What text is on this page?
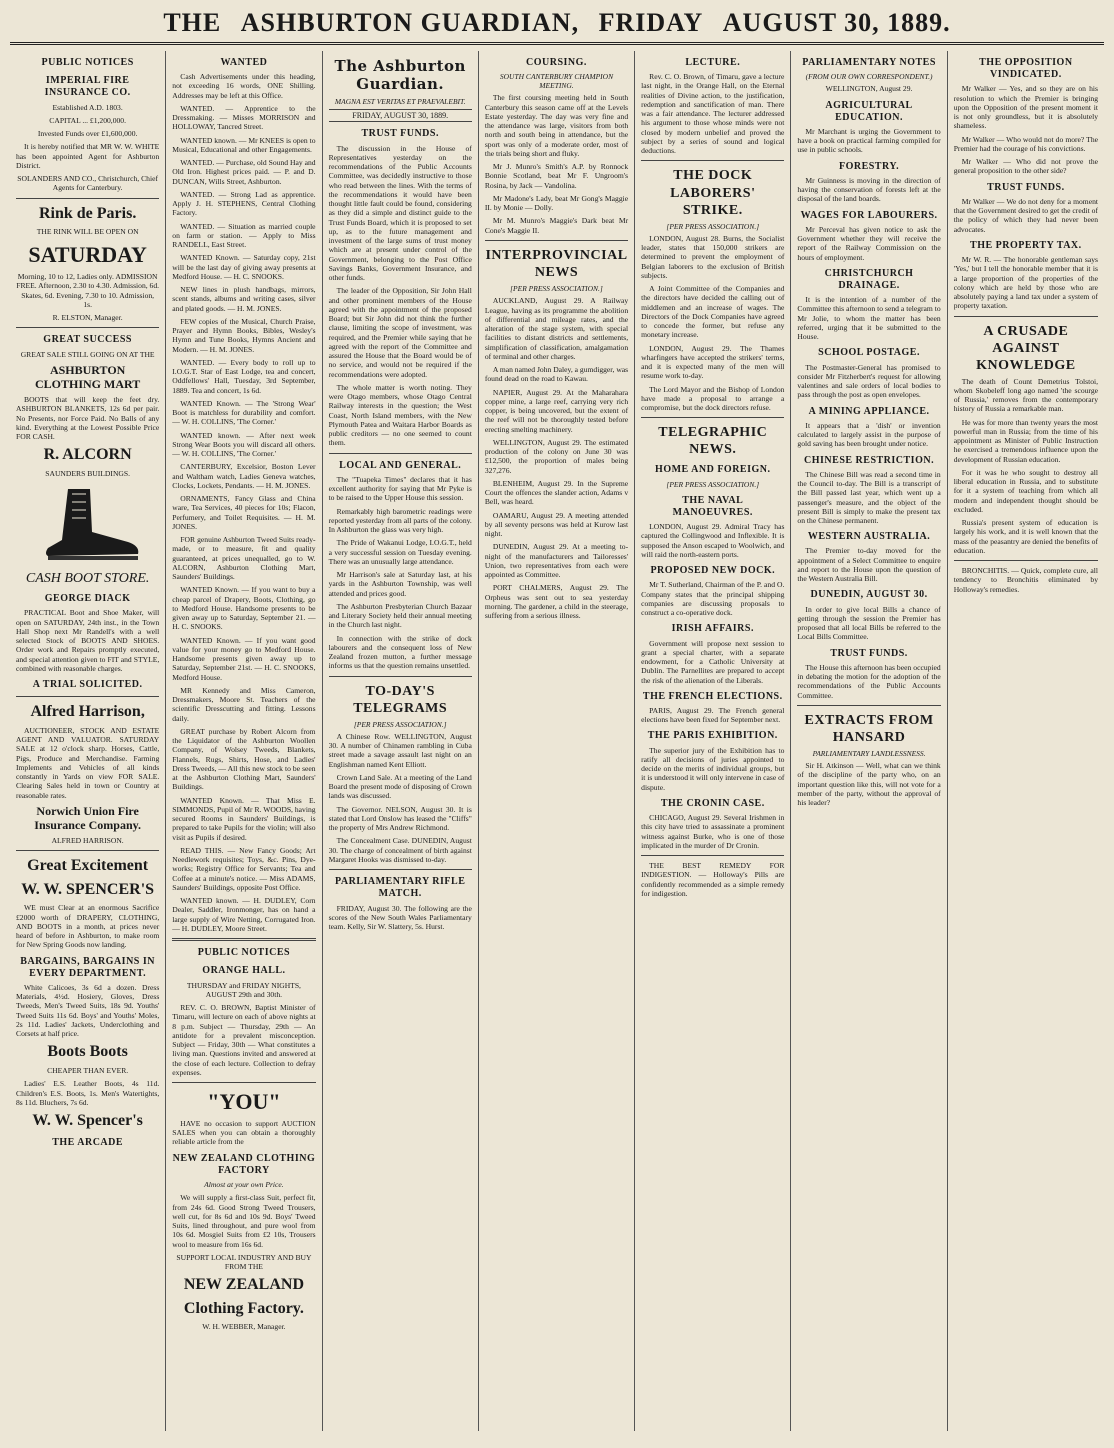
THE ASHBURTON GUARDIAN, FRIDAY AUGUST 30, 1889.
PUBLIC NOTICES
IMPERIAL FIRE INSURANCE CO.

Established A.D. 1803.

CAPITAL ... £1,200,000.

Invested Funds over £1,600,000.

It is hereby notified that MR W. W. WHITE has been appointed Agent for Ashburton District.

SOLANDERS AND CO., Christchurch, Chief Agents for Canterbury.

Rink de Paris.

THE RINK WILL BE OPEN ON

SATURDAY

Morning, 10 to 12, Ladies only. ADMISSION FREE. Afternoon, 2.30 to 4.30. Admission, 6d. Skates, 6d. Evening, 7.30 to 10. Admission, 1s.

R. ELSTON, Manager.

GREAT SUCCESS

GREAT SALE STILL GOING ON AT THE

ASHBURTON CLOTHING MART

BOOTS that will keep the feet dry. ASHBURTON BLANKETS, 12s 6d per pair. No Presents, nor Force Paid. No Balls of any kind. Everything at the Lowest Possible Price FOR CASH.

R. ALCORN

SAUNDERS BUILDINGS.

CASH BOOT STORE.
GEORGE DIACK

PRACTICAL Boot and Shoe Maker, will open on SATURDAY, 24th inst., in the Town Hall Shop next Mr Randell's with a well selected Stock of BOOTS AND SHOES. Order work and Repairs promptly executed, and special attention given to FIT and STYLE, combined with reasonable charges.

A TRIAL SOLICITED.
Alfred Harrison,

AUCTIONEER, STOCK AND ESTATE AGENT AND VALUATOR. SATURDAY SALE at 12 o'clock sharp. Horses, Cattle, Pigs, Produce and Merchandise. Farming Implements and Vehicles of all kinds constantly in Yards on view FOR SALE. Clearing Sales held in town or Country at reasonable rates.

Norwich Union Fire Insurance Company.

ALFRED HARRISON.

Great Excitement
W. W. SPENCER'S

WE must Clear at an enormous Sacrifice £2000 worth of DRAPERY, CLOTHING, AND BOOTS in a month, at prices never heard of before in Ashburton, to make room for New Spring Goods now landing.

BARGAINS, BARGAINS IN EVERY DEPARTMENT.

White Calicoes, 3s 6d a dozen. Dress Materials, 4½d. Hosiery, Gloves, Dress Tweeds, Men's Tweed Suits, 18s 9d. Youths' Tweed Suits 11s 6d. Boys' and Youths' Moles, 2s 11d. Ladies' Jackets, Underclothing and Corsets at half price.

Boots Boots

CHEAPER THAN EVER.

Ladies' E.S. Leather Boots, 4s 11d. Children's E.S. Boots, 1s. Men's Watertights, 8s 11d. Bluchers, 7s 6d.

W. W. Spencer's
THE ARCADE
WANTED

Cash Advertisements under this heading, not exceeding 16 words, ONE Shilling. Addresses may be left at this Office.

WANTED. — Apprentice to the Dressmaking. — Misses MORRISON and HOLLOWAY, Tancred Street.

WANTED known. — Mr KNEES is open to Musical, Educational and other Engagements.

WANTED. — Purchase, old Sound Hay and Old Iron. Highest prices paid. — P. and D. DUNCAN, Wills Street, Ashburton.

WANTED. — Strong Lad as apprentice. Apply J. H. STEPHENS, Central Clothing Factory.

WANTED. — Situation as married couple on farm or station. — Apply to Miss RANDELL, East Street.

WANTED Known. — Saturday copy, 21st will be the last day of giving away presents at Medford House. — H. C. SNOOKS.

NEW lines in plush handbags, mirrors, scent stands, albums and writing cases, silver and plated goods. — H. M. JONES.

FEW copies of the Musical, Church Praise, Prayer and Hymn Books, Bibles, Wesley's Hymn and Tune Books, Hymns Ancient and Modern. — H. M. JONES.

WANTED. — Every body to roll up to I.O.G.T. Star of East Lodge, tea and concert, Oddfellows' Hall, Tuesday, 3rd September, 1889. Tea and concert, 1s 6d.

WANTED Known. — The 'Strong Wear' Boot is matchless for durability and comfort. — W. H. COLLINS, 'The Corner.'

WANTED known. — After next week Strong Wear Boots you will discard all others. — W. H. COLLINS, 'The Corner.'

CANTERBURY, Excelsior, Boston Lever and Waltham watch, Ladies Geneva watches, Clocks, Lockets, Pendants. — H. M. JONES.

ORNAMENTS, Fancy Glass and China ware, Tea Services, 40 pieces for 10s; Flacon, Perfumery, and Toilet Requisites. — H. M. JONES.

FOR genuine Ashburton Tweed Suits ready-made, or to measure, fit and quality guaranteed, at prices unequalled, go to W. ALCORN, Ashburton Clothing Mart, Saunders' Buildings.

WANTED Known. — If you want to buy a cheap parcel of Drapery, Boots, Clothing, go to Medford House. Handsome presents to be given away up to Saturday, September 21. — H. C. SNOOKS.

WANTED Known. — If you want good value for your money go to Medford House. Handsome presents given away up to Saturday, September 21st. — H. C. SNOOKS, Medford House.

MR Kennedy and Miss Cameron, Dressmakers, Moore St. Teachers of the scientific Dresscutting and fitting. Lessons daily.

GREAT purchase by Robert Alcorn from the Liquidator of the Ashburton Woollen Company, of Wolsey Tweeds, Blankets, Flannels, Rugs, Shirts, Hose, and Ladies' Dress Tweeds, — All this new stock to be seen at the Ashburton Clothing Mart, Saunders' Buildings.

WANTED Known. — That Miss E. SIMMONDS, Pupil of Mr R. WOODS, having secured Rooms in Saunders' Buildings, is prepared to take Pupils for the violin; will also visit as Pupils if desired.

READ THIS. — New Fancy Goods; Art Needlework requisites; Toys, &c. Pins, Dye-works; Registry Office for Servants; Tea and Coffee at a minute's notice. — Miss ADAMS, Saunders' Buildings, opposite Post Office.

WANTED known. — H. DUDLEY, Corn Dealer, Saddler, Ironmonger, has on hand a large supply of Wire Netting, Corrugated Iron. — H. DUDLEY, Moore Street.

PUBLIC NOTICES
ORANGE HALL.

THURSDAY and FRIDAY NIGHTS, AUGUST 29th and 30th.

REV. C. O. BROWN, Baptist Minister of Timaru, will lecture on each of above nights at 8 p.m. Subject — Thursday, 29th — An antidote for a prevalent misconception. Subject — Friday, 30th — What constitutes a living man. Questions invited and answered at the close of each lecture. Collection to defray expenses.

"YOU"

HAVE no occasion to support AUCTION SALES when you can obtain a thoroughly reliable article from the

NEW ZEALAND CLOTHING FACTORY

Almost at your own Price.

We will supply a first-class Suit, perfect fit, from 24s 6d. Good Strong Tweed Trousers, well cut, for 8s 6d and 10s 9d. Boys' Tweed Suits, lined throughout, and pure wool from 10s 6d. Mosgiel Suits from £2 10s, Trousers wool to measure from 16s 6d.

SUPPORT LOCAL INDUSTRY AND BUY FROM THE

NEW ZEALAND
Clothing Factory.

W. H. WEBBER, Manager.

The Ashburton Guardian.
MAGNA EST VERITAS ET PRAEVALEBIT.
FRIDAY, AUGUST 30, 1889.
TRUST FUNDS.

The discussion in the House of Representatives yesterday on the recommendations of the Public Accounts Committee, was decidedly instructive to those who read between the lines. With the terms of the recommendations it would have been thought little fault could be found, considering as they did a simple and distinct guide to the Trust Funds Board, which it is proposed to set up, as to the future management and investment of the large sums of trust money which are at present under control of the Government, belonging to the Post Office Savings Banks, Government Insurance, and other funds.

The leader of the Opposition, Sir John Hall and other prominent members of the House agreed with the appointment of the proposed Board; but Sir John did not think the further clause, limiting the scope of investment, was required, and the Premier while saying that he agreed with the report of the Committee and assured the House that the Board would be of no service, and would not be required if the recommendations were adopted.

The whole matter is worth noting. They were Otago members, whose Otago Central Railway interests in the question; the West Coast, North Island members, with the New Plymouth Patea and Waitara Harbor Boards as public creditors — no one seemed to count them.

LOCAL AND GENERAL.

The "Tuapeka Times" declares that it has excellent authority for saying that Mr Pyke is to be raised to the Upper House this session.

Remarkably high barometric readings were reported yesterday from all parts of the colony. In Ashburton the glass was very high.

The Pride of Wakanui Lodge, I.O.G.T., held a very successful session on Tuesday evening. There was an unusually large attendance.

Mr Harrison's sale at Saturday last, at his yards in the Ashburton Township, was well attended and prices good.

The Ashburton Presbyterian Church Bazaar and Literary Society held their annual meeting in the Church last night.

In connection with the strike of dock labourers and the consequent loss of New Zealand frozen mutton, a further message informs us that the question remains unsettled.

TO-DAY'S TELEGRAMS
[PER PRESS ASSOCIATION.]

A Chinese Row. WELLINGTON, August 30. A number of Chinamen rambling in Cuba street made a savage assault last night on an Englishman named Kent Elliott.

Crown Land Sale. At a meeting of the Land Board the present mode of disposing of Crown lands was discussed.

The Governor. NELSON, August 30. It is stated that Lord Onslow has leased the "Cliffs" the property of Mrs Andrew Richmond.

The Concealment Case. DUNEDIN, August 30. The charge of concealment of birth against Margaret Hooks was dismissed to-day.

PARLIAMENTARY RIFLE MATCH.

FRIDAY, August 30. The following are the scores of the New South Wales Parliamentary team. Kelly, Sir W. Slattery, 5s. Hurst.

COURSING.
SOUTH CANTERBURY CHAMPION MEETING.

The first coursing meeting held in South Canterbury this season came off at the Levels Estate yesterday. The day was very fine and the attendance was large, visitors from both north and south being in attendance, but the sport was only of a moderate order, most of the trials being short and fluky.

Mr J. Munro's Smith's A.P. by Ronnock Bonnie Scotland, beat Mr F. Ungroom's Rosina, by Jack — Vandolina.

Mr Madone's Lady, beat Mr Gong's Maggie II. by Monie — Dolly.

Mr M. Munro's Maggie's Dark beat Mr Cone's Maggie II.

INTERPROVINCIAL NEWS
[PER PRESS ASSOCIATION.]

AUCKLAND, August 29. A Railway League, having as its programme the abolition of differential and mileage rates, and the alteration of the stage system, with special facilities to distant districts and settlements, simplification of classification, amalgamation of terminal and other charges.

A man named John Daley, a gumdigger, was found dead on the road to Kawau.

NAPIER, August 29. At the Maharahara copper mine, a large reef, carrying very rich copper, is being uncovered, but the extent of the reef will not be thoroughly tested before erecting smelting machinery.

WELLINGTON, August 29. The estimated production of the colony on June 30 was £12,500, the proportion of males being 327,276.

BLENHEIM, August 29. In the Supreme Court the offences the slander action, Adams v Bell, was heard.

OAMARU, August 29. A meeting attended by all seventy persons was held at Kurow last night.

DUNEDIN, August 29. At a meeting to-night of the manufacturers and Tailoresses' Union, two representatives from each were appointed as Committee.

PORT CHALMERS, August 29. The Orpheus was sent out to sea yesterday morning. The gardener, a child in the steerage, suffering from a serious illness.

LECTURE.

Rev. C. O. Brown, of Timaru, gave a lecture last night, in the Orange Hall, on the Eternal realities of Divine action, to the justification, redemption and sanctification of man. There was a fair attendance. The lecturer addressed his argument to those whose minds were not closed by modern unbelief and proved the subject by a series of sound and logical deductions.

THE DOCK LABORERS' STRIKE.
[PER PRESS ASSOCIATION.]

LONDON, August 28. Burns, the Socialist leader, states that 150,000 strikers are determined to prevent the employment of Belgian laborers to the exclusion of British subjects.

A Joint Committee of the Companies and the directors have decided the calling out of middlemen and an increase of wages. The Directors of the Dock Companies have agreed to concede the former, but refuse any monetary increase.

LONDON, August 29. The Thames wharfingers have accepted the strikers' terms, and it is expected many of the men will resume work to-day.

The Lord Mayor and the Bishop of London have made a proposal to arrange a compromise, but the dock directors refuse.

TELEGRAPHIC NEWS.
HOME AND FOREIGN.
[PER PRESS ASSOCIATION.]
THE NAVAL MANOEUVRES.

LONDON, August 29. Admiral Tracy has captured the Collingwood and Inflexible. It is supposed the Anson escaped to Woolwich, and will raid the north-eastern ports.

PROPOSED NEW DOCK.

Mr T. Sutherland, Chairman of the P. and O. Company states that the principal shipping companies are discussing proposals to construct a co-operative dock.

IRISH AFFAIRS.

Government will propose next session to grant a special charter, with a separate endowment, for a Catholic University at Dublin. The Parnellites are prepared to accept the risk of the alienation of the Liberals.

THE FRENCH ELECTIONS.

PARIS, August 29. The French general elections have been fixed for September next.

THE PARIS EXHIBITION.

The superior jury of the Exhibition has to ratify all decisions of juries appointed to decide on the merits of individual groups, but it is understood it will only intervene in case of dispute.

THE CRONIN CASE.

CHICAGO, August 29. Several Irishmen in this city have tried to assassinate a prominent witness against Burke, who is one of those implicated in the murder of Dr Cronin.

THE BEST REMEDY FOR INDIGESTION. — Holloway's Pills are confidently recommended as a simple remedy for indigestion.

PARLIAMENTARY NOTES
(FROM OUR OWN CORRESPONDENT.)

WELLINGTON, August 29.

AGRICULTURAL EDUCATION.

Mr Marchant is urging the Government to have a book on practical farming compiled for use in public schools.

FORESTRY.

Mr Guinness is moving in the direction of having the conservation of forests left at the disposal of the land boards.

WAGES FOR LABOURERS.

Mr Perceval has given notice to ask the Government whether they will receive the report of the Railway Commission on the hours of employment.

CHRISTCHURCH DRAINAGE.

It is the intention of a number of the Committee this afternoon to send a telegram to Mr Jolie, to whom the matter has been referred, urging that it be submitted to the House.

SCHOOL POSTAGE.

The Postmaster-General has promised to consider Mr Fitzherbert's request for allowing valentines and sale orders of local bodies to pass through the post as open envelopes.

A MINING APPLIANCE.

It appears that a 'dish' or invention calculated to largely assist in the purpose of gold saving has been brought under notice.

CHINESE RESTRICTION.

The Chinese Bill was read a second time in the Council to-day. The Bill is a transcript of the Bill passed last year, which went up a passenger's measure, and the object of the present Bill is simply to make the present tax on the Chinese permanent.

WESTERN AUSTRALIA.

The Premier to-day moved for the appointment of a Select Committee to enquire and report to the House upon the question of the Western Australia Bill.

DUNEDIN, AUGUST 30.

In order to give local Bills a chance of getting through the session the Premier has proposed that all local Bills be referred to the Local Bills Committee.

TRUST FUNDS.

The House this afternoon has been occupied in debating the motion for the adoption of the recommendations of the Public Accounts Committee.

EXTRACTS FROM HANSARD
PARLIAMENTARY LANDLESSNESS.

Sir H. Atkinson — Well, what can we think of the discipline of the party who, on an important question like this, will not vote for a member of the party, without the approval of his leader?

THE OPPOSITION VINDICATED.

Mr Walker — Yes, and so they are on his resolution to which the Premier is bringing upon the Opposition of the present moment it is not only groundless, but it is absolutely shameless.

Mr Walker — Who would not do more? The Premier had the courage of his convictions.

Mr Walker — Who did not prove the general proposition to the other side?

TRUST FUNDS.

Mr Walker — We do not deny for a moment that the Government desired to get the credit of the policy of which they had never been advocates.

THE PROPERTY TAX.

Mr W. R. — The honorable gentleman says 'Yes,' but I tell the honorable member that it is a large proportion of the properties of the colony which are held by those who are absolutely paying a land tax under a system of property taxation.

A CRUSADE AGAINST KNOWLEDGE

The death of Count Demetrius Tolstoi, whom Skobeleff long ago named 'the scourge of Russia,' removes from the contemporary history of Russia a remarkable man.

He was for more than twenty years the most powerful man in Russia; from the time of his appointment as Minister of Public Instruction he exercised a tremendous influence upon the development of Russian education.

For it was he who sought to destroy all liberal education in Russia, and to substitute for it a system of teaching from which all modern and independent thought should be excluded.

Russia's present system of education is largely his work, and it is well known that the mass of the peasantry are denied the benefits of education.

BRONCHITIS. — Quick, complete cure, all tendency to Bronchitis eliminated by Holloway's remedies.
